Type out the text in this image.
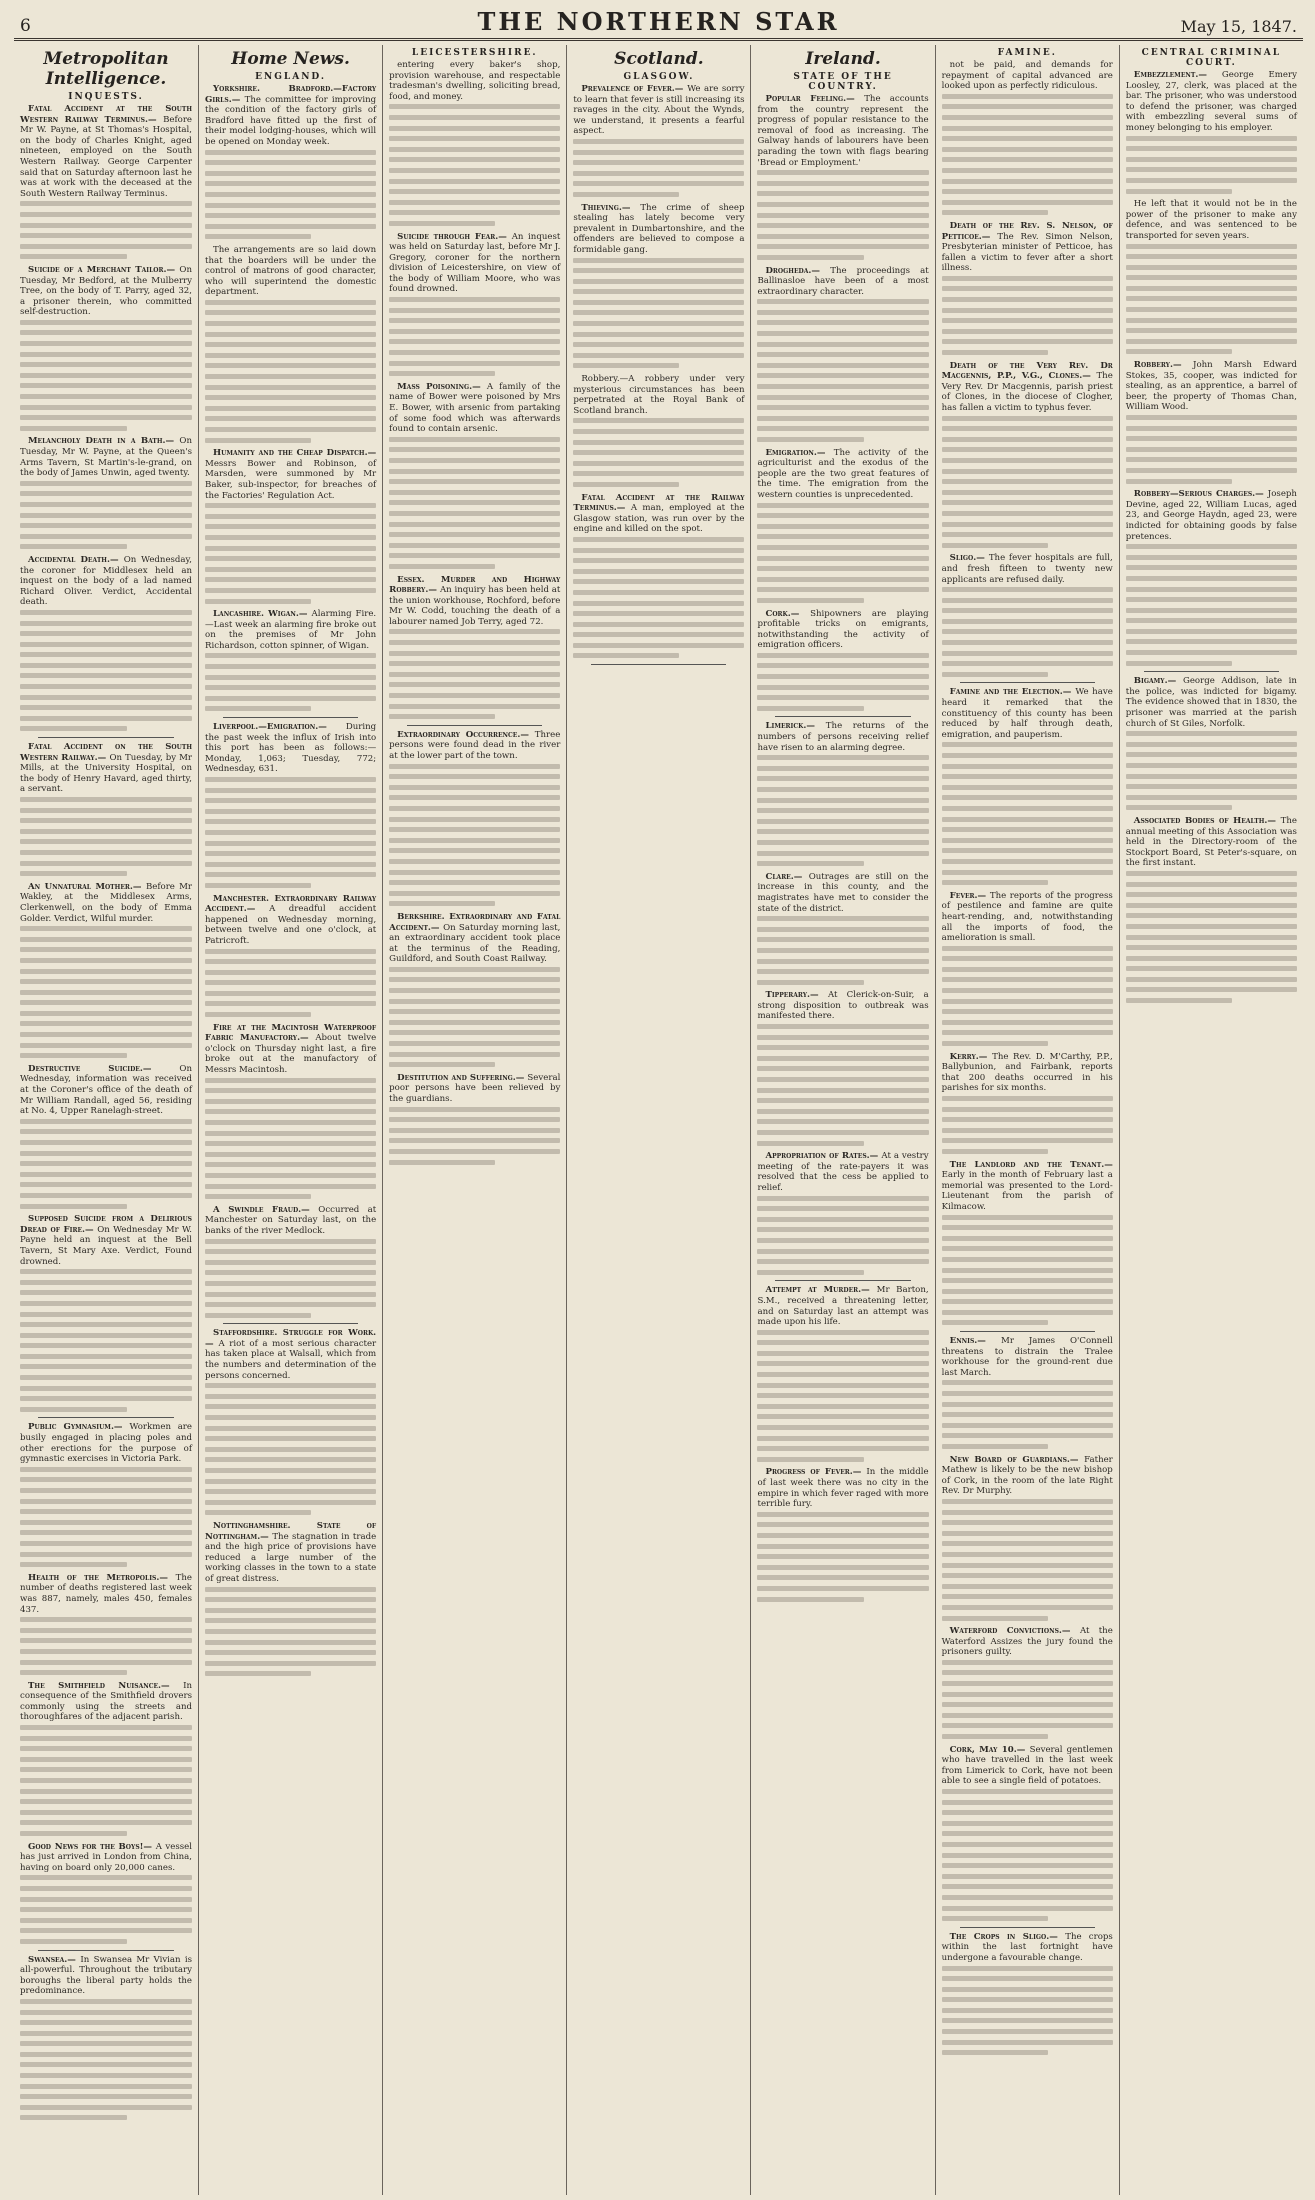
6	THE NORTHERN STAR	May 15, 1847.
Metropolitan Intelligence.
INQUESTS.

Fatal Accident at the South Western Railway Terminus.— Before Mr W. Payne, at St Thomas's Hospital, on the body of Charles Knight, aged nineteen, employed on the South Western Railway. George Carpenter said that on Saturday afternoon last he was at work with the deceased at the South Western Railway Terminus.

Suicide of a Merchant Tailor.— On Tuesday, Mr Bedford, at the Mulberry Tree, on the body of T. Parry, aged 32, a prisoner therein, who committed self-destruction.

Melancholy Death in a Bath.— On Tuesday, Mr W. Payne, at the Queen's Arms Tavern, St Martin's-le-grand, on the body of James Unwin, aged twenty.

Accidental Death.— On Wednesday, the coroner for Middlesex held an inquest on the body of a lad named Richard Oliver. Verdict, Accidental death.

Fatal Accident on the South Western Railway.— On Tuesday, by Mr Mills, at the University Hospital, on the body of Henry Havard, aged thirty, a servant.

An Unnatural Mother.— Before Mr Wakley, at the Middlesex Arms, Clerkenwell, on the body of Emma Golder. Verdict, Wilful murder.

Destructive Suicide.— On Wednesday, information was received at the Coroner's office of the death of Mr William Randall, aged 56, residing at No. 4, Upper Ranelagh-street.

Supposed Suicide from a Delirious Dread of Fire.— On Wednesday Mr W. Payne held an inquest at the Bell Tavern, St Mary Axe. Verdict, Found drowned.

Public Gymnasium.— Workmen are busily engaged in placing poles and other erections for the purpose of gymnastic exercises in Victoria Park.

Health of the Metropolis.— The number of deaths registered last week was 887, namely, males 450, females 437.

The Smithfield Nuisance.— In consequence of the Smithfield drovers commonly using the streets and thoroughfares of the adjacent parish.

Good News for the Boys!— A vessel has just arrived in London from China, having on board only 20,000 canes.

Swansea.— In Swansea Mr Vivian is all-powerful. Throughout the tributary boroughs the liberal party holds the predominance.

Home News.
ENGLAND.

Yorkshire. Bradford.—Factory Girls.— The committee for improving the condition of the factory girls of Bradford have fitted up the first of their model lodging-houses, which will be opened on Monday week.

The arrangements are so laid down that the boarders will be under the control of matrons of good character, who will superintend the domestic department.

Humanity and the Cheap Dispatch.— Messrs Bower and Robinson, of Marsden, were summoned by Mr Baker, sub-inspector, for breaches of the Factories' Regulation Act.

Lancashire. Wigan.— Alarming Fire.—Last week an alarming fire broke out on the premises of Mr John Richardson, cotton spinner, of Wigan.

Liverpool.—Emigration.— During the past week the influx of Irish into this port has been as follows:—Monday, 1,063; Tuesday, 772; Wednesday, 631.

Manchester. Extraordinary Railway Accident.— A dreadful accident happened on Wednesday morning, between twelve and one o'clock, at Patricroft.

Fire at the Macintosh Waterproof Fabric Manufactory.— About twelve o'clock on Thursday night last, a fire broke out at the manufactory of Messrs Macintosh.

A Swindle Fraud.— Occurred at Manchester on Saturday last, on the banks of the river Medlock.

Staffordshire. Struggle for Work.— A riot of a most serious character has taken place at Walsall, which from the numbers and determination of the persons concerned.

Nottinghamshire. State of Nottingham.— The stagnation in trade and the high price of provisions have reduced a large number of the working classes in the town to a state of great distress.

LEICESTERSHIRE.

entering every baker's shop, provision warehouse, and respectable tradesman's dwelling, soliciting bread, food, and money.

Suicide through Fear.— An inquest was held on Saturday last, before Mr J. Gregory, coroner for the northern division of Leicestershire, on view of the body of William Moore, who was found drowned.

Mass Poisoning.— A family of the name of Bower were poisoned by Mrs E. Bower, with arsenic from partaking of some food which was afterwards found to contain arsenic.

Essex. Murder and Highway Robbery.— An inquiry has been held at the union workhouse, Rochford, before Mr W. Codd, touching the death of a labourer named Job Terry, aged 72.

Extraordinary Occurrence.— Three persons were found dead in the river at the lower part of the town.

Berkshire. Extraordinary and Fatal Accident.— On Saturday morning last, an extraordinary accident took place at the terminus of the Reading, Guildford, and South Coast Railway.

Destitution and Suffering.— Several poor persons have been relieved by the guardians.

Scotland.
GLASGOW.

Prevalence of Fever.— We are sorry to learn that fever is still increasing its ravages in the city. About the Wynds, we understand, it presents a fearful aspect.

Thieving.— The crime of sheep stealing has lately become very prevalent in Dumbartonshire, and the offenders are believed to compose a formidable gang.

Robbery.—A robbery under very mysterious circumstances has been perpetrated at the Royal Bank of Scotland branch.

Fatal Accident at the Railway Terminus.— A man, employed at the Glasgow station, was run over by the engine and killed on the spot.

Ireland.
STATE OF THE COUNTRY.

Popular Feeling.— The accounts from the country represent the progress of popular resistance to the removal of food as increasing. The Galway hands of labourers have been parading the town with flags bearing 'Bread or Employment.'

Drogheda.— The proceedings at Ballinasloe have been of a most extraordinary character.

Emigration.— The activity of the agriculturist and the exodus of the people are the two great features of the time. The emigration from the western counties is unprecedented.

Cork.— Shipowners are playing profitable tricks on emigrants, notwithstanding the activity of emigration officers.

Limerick.— The returns of the numbers of persons receiving relief have risen to an alarming degree.

Clare.— Outrages are still on the increase in this county, and the magistrates have met to consider the state of the district.

Tipperary.— At Clerick-on-Suir, a strong disposition to outbreak was manifested there.

Appropriation of Rates.— At a vestry meeting of the rate-payers it was resolved that the cess be applied to relief.

Attempt at Murder.— Mr Barton, S.M., received a threatening letter, and on Saturday last an attempt was made upon his life.

Progress of Fever.— In the middle of last week there was no city in the empire in which fever raged with more terrible fury.

FAMINE.

not be paid, and demands for repayment of capital advanced are looked upon as perfectly ridiculous.

Death of the Rev. S. Nelson, of Petticoe.— The Rev. Simon Nelson, Presbyterian minister of Petticoe, has fallen a victim to fever after a short illness.

Death of the Very Rev. Dr Macgennis, P.P., V.G., Clones.— The Very Rev. Dr Macgennis, parish priest of Clones, in the diocese of Clogher, has fallen a victim to typhus fever.

Sligo.— The fever hospitals are full, and fresh fifteen to twenty new applicants are refused daily.

Famine and the Election.— We have heard it remarked that the constituency of this county has been reduced by half through death, emigration, and pauperism.

Fever.— The reports of the progress of pestilence and famine are quite heart-rending, and, notwithstanding all the imports of food, the amelioration is small.

Kerry.— The Rev. D. M'Carthy, P.P., Ballybunion, and Fairbank, reports that 200 deaths occurred in his parishes for six months.

The Landlord and the Tenant.— Early in the month of February last a memorial was presented to the Lord-Lieutenant from the parish of Kilmacow.

Ennis.— Mr James O'Connell threatens to distrain the Tralee workhouse for the ground-rent due last March.

New Board of Guardians.— Father Mathew is likely to be the new bishop of Cork, in the room of the late Right Rev. Dr Murphy.

Waterford Convictions.— At the Waterford Assizes the jury found the prisoners guilty.

Cork, May 10.— Several gentlemen who have travelled in the last week from Limerick to Cork, have not been able to see a single field of potatoes.

The Crops in Sligo.— The crops within the last fortnight have undergone a favourable change.

CENTRAL CRIMINAL COURT.

Embezzlement.— George Emery Loosley, 27, clerk, was placed at the bar. The prisoner, who was understood to defend the prisoner, was charged with embezzling several sums of money belonging to his employer.

He left that it would not be in the power of the prisoner to make any defence, and was sentenced to be transported for seven years.

Robbery.— John Marsh Edward Stokes, 35, cooper, was indicted for stealing, as an apprentice, a barrel of beer, the property of Thomas Chan, William Wood.

Robbery—Serious Charges.— Joseph Devine, aged 22, William Lucas, aged 23, and George Haydn, aged 23, were indicted for obtaining goods by false pretences.

Bigamy.— George Addison, late in the police, was indicted for bigamy. The evidence showed that in 1830, the prisoner was married at the parish church of St Giles, Norfolk.

Associated Bodies of Health.— The annual meeting of this Association was held in the Directory-room of the Stockport Board, St Peter's-square, on the first instant.
